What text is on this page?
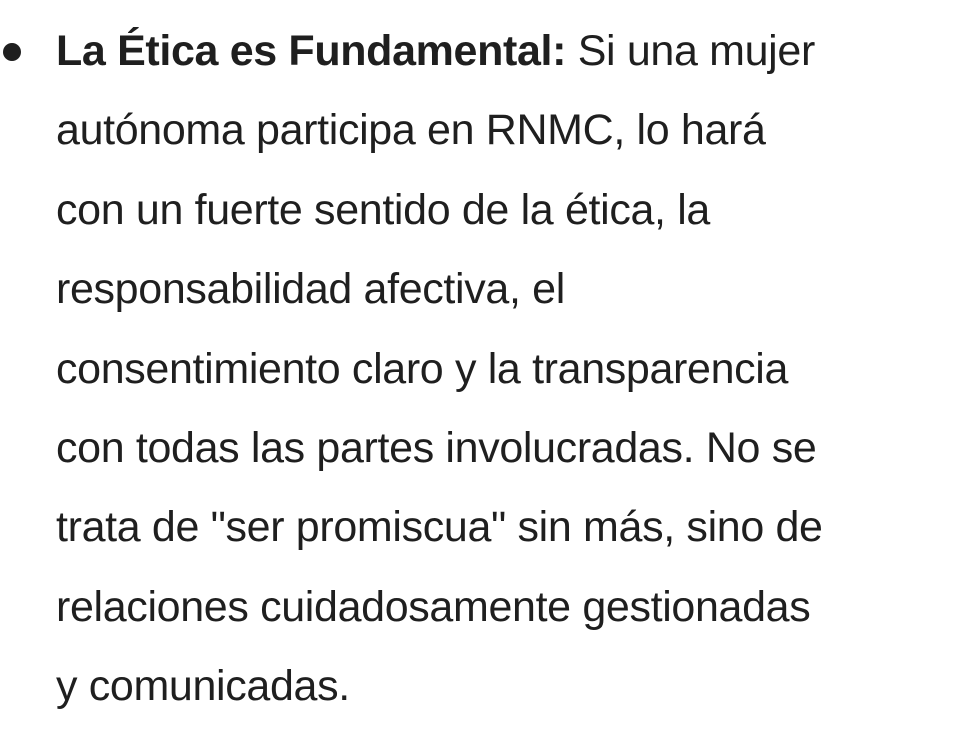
La Ética es Fundamental: Si una mujer
autónoma participa en RNMC, lo hará
con un fuerte sentido de la ética, la
responsabilidad afectiva, el
consentimiento claro y la transparencia
con todas las partes involucradas. No se
trata de "ser promiscua" sin más, sino de
relaciones cuidadosamente gestionadas
y comunicadas.
